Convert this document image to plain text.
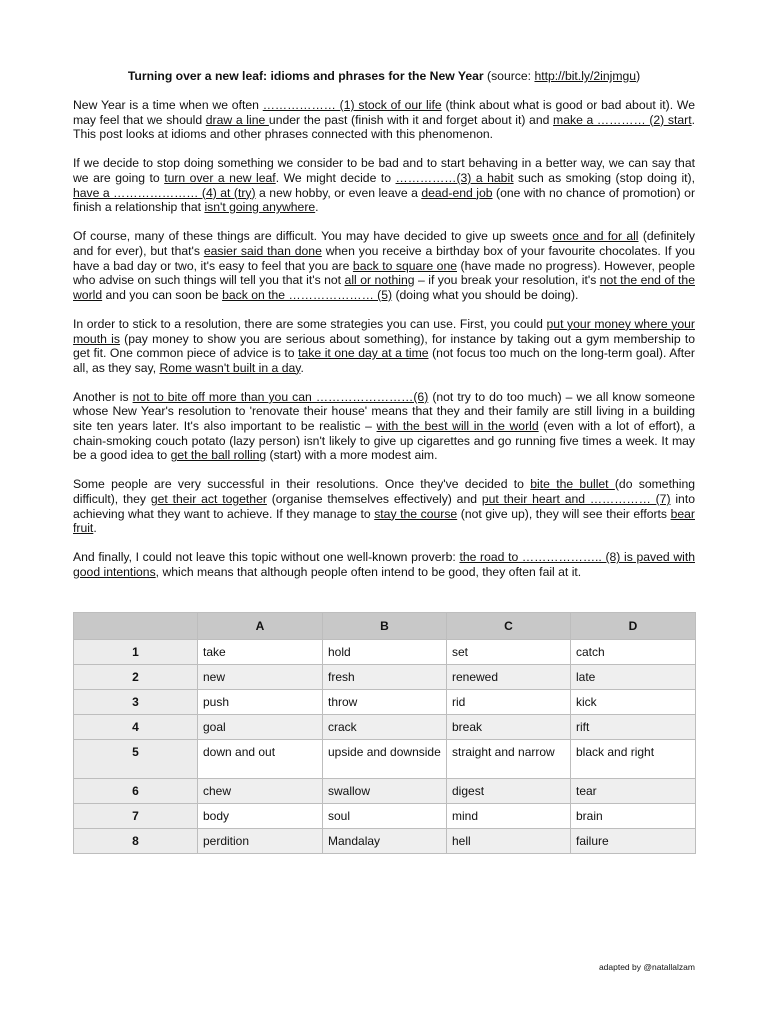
Turning over a new leaf: idioms and phrases for the New Year (source: http://bit.ly/2injmgu)

New Year is a time when we often ……………… (1) stock of our life (think about what is good or bad about it). We may feel that we should draw a line under the past (finish with it and forget about it) and make a ………… (2) start. This post looks at idioms and other phrases connected with this phenomenon.

If we decide to stop doing something we consider to be bad and to start behaving in a better way, we can say that we are going to turn over a new leaf. We might decide to ……………(3) a habit such as smoking (stop doing it), have a ………………… (4) at (try) a new hobby, or even leave a dead-end job (one with no chance of promotion) or finish a relationship that isn't going anywhere.

Of course, many of these things are difficult. You may have decided to give up sweets once and for all (definitely and for ever), but that's easier said than done when you receive a birthday box of your favourite chocolates. If you have a bad day or two, it's easy to feel that you are back to square one (have made no progress). However, people who advise on such things will tell you that it's not all or nothing – if you break your resolution, it's not the end of the world and you can soon be back on the ………………… (5) (doing what you should be doing).

In order to stick to a resolution, there are some strategies you can use. First, you could put your money where your mouth is (pay money to show you are serious about something), for instance by taking out a gym membership to get fit. One common piece of advice is to take it one day at a time (not focus too much on the long-term goal). After all, as they say, Rome wasn't built in a day.

Another is not to bite off more than you can ……………………(6) (not try to do too much) – we all know someone whose New Year's resolution to 'renovate their house' means that they and their family are still living in a building site ten years later. It's also important to be realistic – with the best will in the world (even with a lot of effort), a chain-smoking couch potato (lazy person) isn't likely to give up cigarettes and go running five times a week. It may be a good idea to get the ball rolling (start) with a more modest aim.

Some people are very successful in their resolutions. Once they've decided to bite the bullet (do something difficult), they get their act together (organise themselves effectively) and put their heart and …………… (7) into achieving what they want to achieve. If they manage to stay the course (not give up), they will see their efforts bear fruit.

And finally, I could not leave this topic without one well-known proverb: the road to ……………….. (8) is paved with good intentions, which means that although people often intend to be good, they often fail at it.

	A	B	C	D
1	take	hold	set	catch
2	new	fresh	renewed	late
3	push	throw	rid	kick
4	goal	crack	break	rift
5	down and out	upside and downside	straight and narrow	black and right
6	chew	swallow	digest	tear
7	body	soul	mind	brain
8	perdition	Mandalay	hell	failure
adapted by @natallalzam
